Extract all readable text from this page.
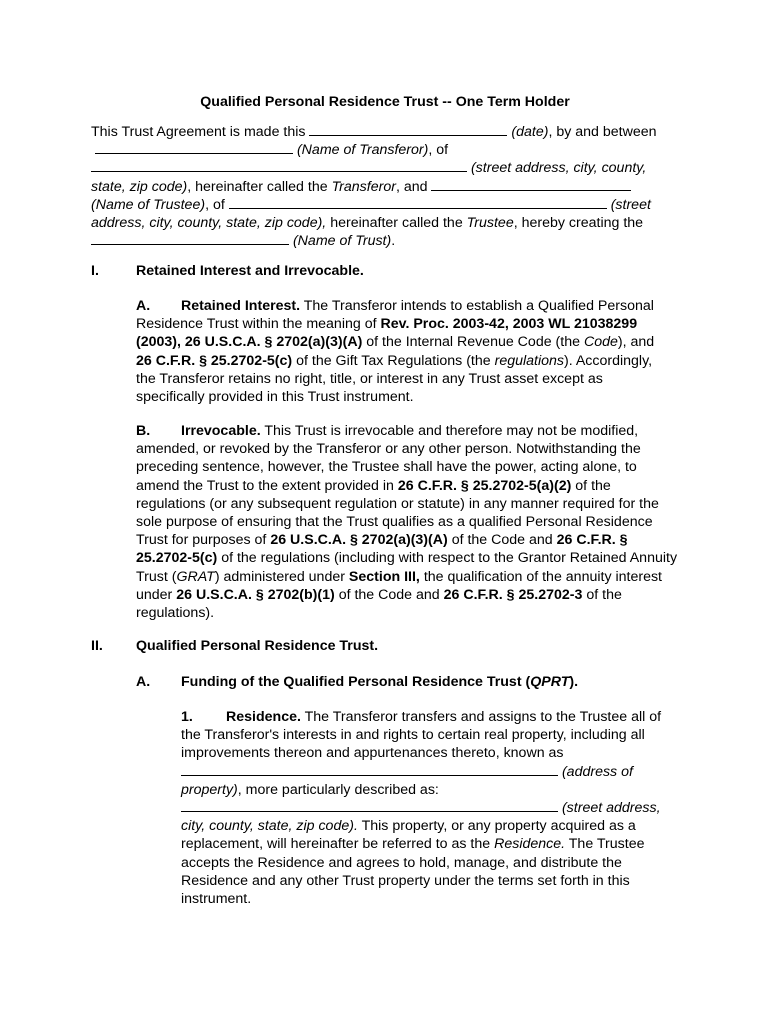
Qualified Personal Residence Trust -- One Term Holder
This Trust Agreement is made this	(date), by and between  (Name of Transferor), of  (street address, city, county, state, zip code), hereinafter called the Transferor, and  (Name of Trustee), of	(street address, city, county, state, zip code), hereinafter called the Trustee, hereby creating the  (Name of Trust).
I.	Retained Interest and Irrevocable.
A. Retained Interest. The Transferor intends to establish a Qualified Personal Residence Trust within the meaning of Rev. Proc. 2003-42, 2003 WL 21038299 (2003), 26 U.S.C.A. § 2702(a)(3)(A) of the Internal Revenue Code (the Code), and 26 C.F.R. § 25.2702-5(c) of the Gift Tax Regulations (the regulations). Accordingly, the Transferor retains no right, title, or interest in any Trust asset except as specifically provided in this Trust instrument.
B. Irrevocable. This Trust is irrevocable and therefore may not be modified, amended, or revoked by the Transferor or any other person. Notwithstanding the preceding sentence, however, the Trustee shall have the power, acting alone, to amend the Trust to the extent provided in 26 C.F.R. § 25.2702-5(a)(2) of the regulations (or any subsequent regulation or statute) in any manner required for the sole purpose of ensuring that the Trust qualifies as a qualified Personal Residence Trust for purposes of 26 U.S.C.A. § 2702(a)(3)(A) of the Code and 26 C.F.R. § 25.2702-5(c) of the regulations (including with respect to the Grantor Retained Annuity Trust (GRAT) administered under Section III, the qualification of the annuity interest under 26 U.S.C.A. § 2702(b)(1) of the Code and 26 C.F.R. § 25.2702-3 of the regulations).
II. Qualified Personal Residence Trust.
A. Funding of the Qualified Personal Residence Trust (QPRT).
1. Residence. The Transferor transfers and assigns to the Trustee all of the Transferor's interests in and rights to certain real property, including all improvements thereon and appurtenances thereto, known as  (address of property), more particularly described as:  (street address, city, county, state, zip code). This property, or any property acquired as a replacement, will hereinafter be referred to as the Residence. The Trustee accepts the Residence and agrees to hold, manage, and distribute the Residence and any other Trust property under the terms set forth in this instrument.
